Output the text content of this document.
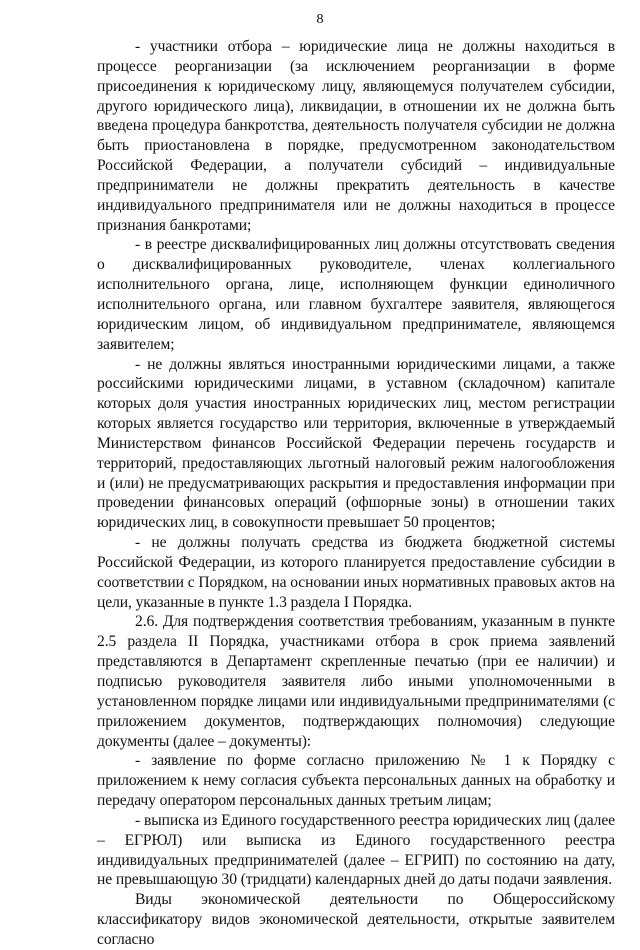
8

- участники отбора – юридические лица не должны находиться в процессе реорганизации (за исключением реорганизации в форме присоединения к юридическому лицу, являющемуся получателем субсидии, другого юридического лица), ликвидации, в отношении их не должна быть введена процедура банкротства, деятельность получателя субсидии не должна быть приостановлена в порядке, предусмотренном законодательством Российской Федерации, а получатели субсидий – индивидуальные предприниматели не должны прекратить деятельность в качестве индивидуального предпринимателя или не должны находиться в процессе признания банкротами;

- в реестре дисквалифицированных лиц должны отсутствовать сведения о дисквалифицированных руководителе, членах коллегиального исполнительного органа, лице, исполняющем функции единоличного исполнительного органа, или главном бухгалтере заявителя, являющегося юридическим лицом, об индивидуальном предпринимателе, являющемся заявителем;

- не должны являться иностранными юридическими лицами, а также российскими юридическими лицами, в уставном (складочном) капитале которых доля участия иностранных юридических лиц, местом регистрации которых является государство или территория, включенные в утверждаемый Министерством финансов Российской Федерации перечень государств и территорий, предоставляющих льготный налоговый режим налогообложения и (или) не предусматривающих раскрытия и предоставления информации при проведении финансовых операций (офшорные зоны) в отношении таких юридических лиц, в совокупности превышает 50 процентов;

- не должны получать средства из бюджета бюджетной системы Российской Федерации, из которого планируется предоставление субсидии в соответствии с Порядком, на основании иных нормативных правовых актов на цели, указанные в пункте 1.3 раздела I Порядка.

2.6. Для подтверждения соответствия требованиям, указанным в пункте 2.5 раздела II Порядка, участниками отбора в срок приема заявлений представляются в Департамент скрепленные печатью (при ее наличии) и подписью руководителя заявителя либо иными уполномоченными в установленном порядке лицами или индивидуальными предпринимателями (с приложением документов, подтверждающих полномочия) следующие документы (далее – документы):

- заявление по форме согласно приложению № 1 к Порядку с приложением к нему согласия субъекта персональных данных на обработку и передачу оператором персональных данных третьим лицам;

- выписка из Единого государственного реестра юридических лиц (далее – ЕГРЮЛ) или выписка из Единого государственного реестра индивидуальных предпринимателей (далее – ЕГРИП) по состоянию на дату, не превышающую 30 (тридцати) календарных дней до даты подачи заявления.

Виды экономической деятельности по Общероссийскому классификатору видов экономической деятельности, открытые заявителем согласно
